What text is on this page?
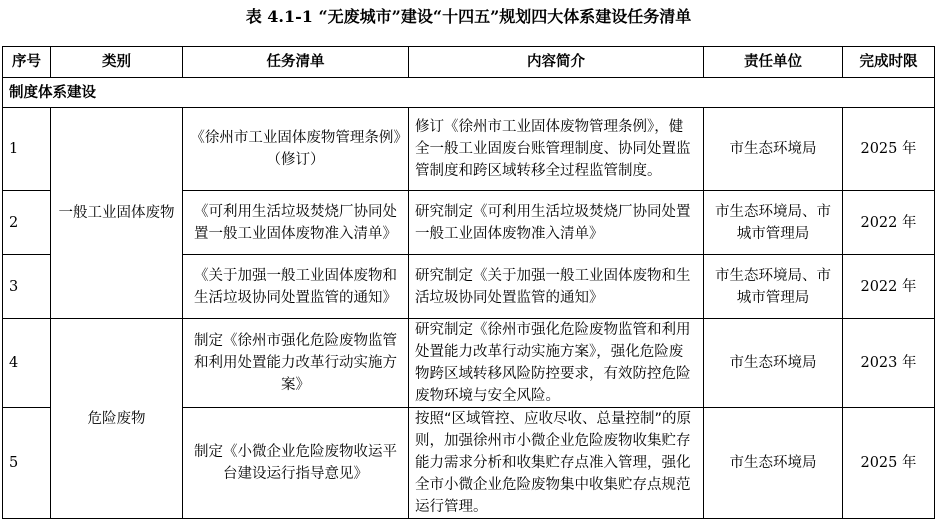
表 4.1-1 “无废城市”建设“十四五”规划四大体系建设任务清单
序号	类别	任务清单	内容简介	责任单位	完成时限
制度体系建设					
1	一般工业固体废物	《徐州市工业固体废物管理条例》（修订）	修订《徐州市工业固体废物管理条例》，健全一般工业固废台账管理制度、协同处置监管制度和跨区域转移全过程监管制度。	市生态环境局	2025 年
2		《可利用生活垃圾焚烧厂协同处置一般工业固体废物准入清单》	研究制定《可利用生活垃圾焚烧厂协同处置一般工业固体废物准入清单》	市生态环境局、市城市管理局	2022 年
3		《关于加强一般工业固体废物和生活垃圾协同处置监管的通知》	研究制定《关于加强一般工业固体废物和生活垃圾协同处置监管的通知》	市生态环境局、市城市管理局	2022 年
4	危险废物	制定《徐州市强化危险废物监管和利用处置能力改革行动实施方案》	研究制定《徐州市强化危险废物监管和利用处置能力改革行动实施方案》，强化危险废物跨区域转移风险防控要求，有效防控危险废物环境与安全风险。	市生态环境局	2023 年
5		制定《小微企业危险废物收运平台建设运行指导意见》	按照“区域管控、应收尽收、总量控制”的原则，加强徐州市小微企业危险废物收集贮存能力需求分析和收集贮存点准入管理，强化全市小微企业危险废物集中收集贮存点规范运行管理。	市生态环境局	2025 年
